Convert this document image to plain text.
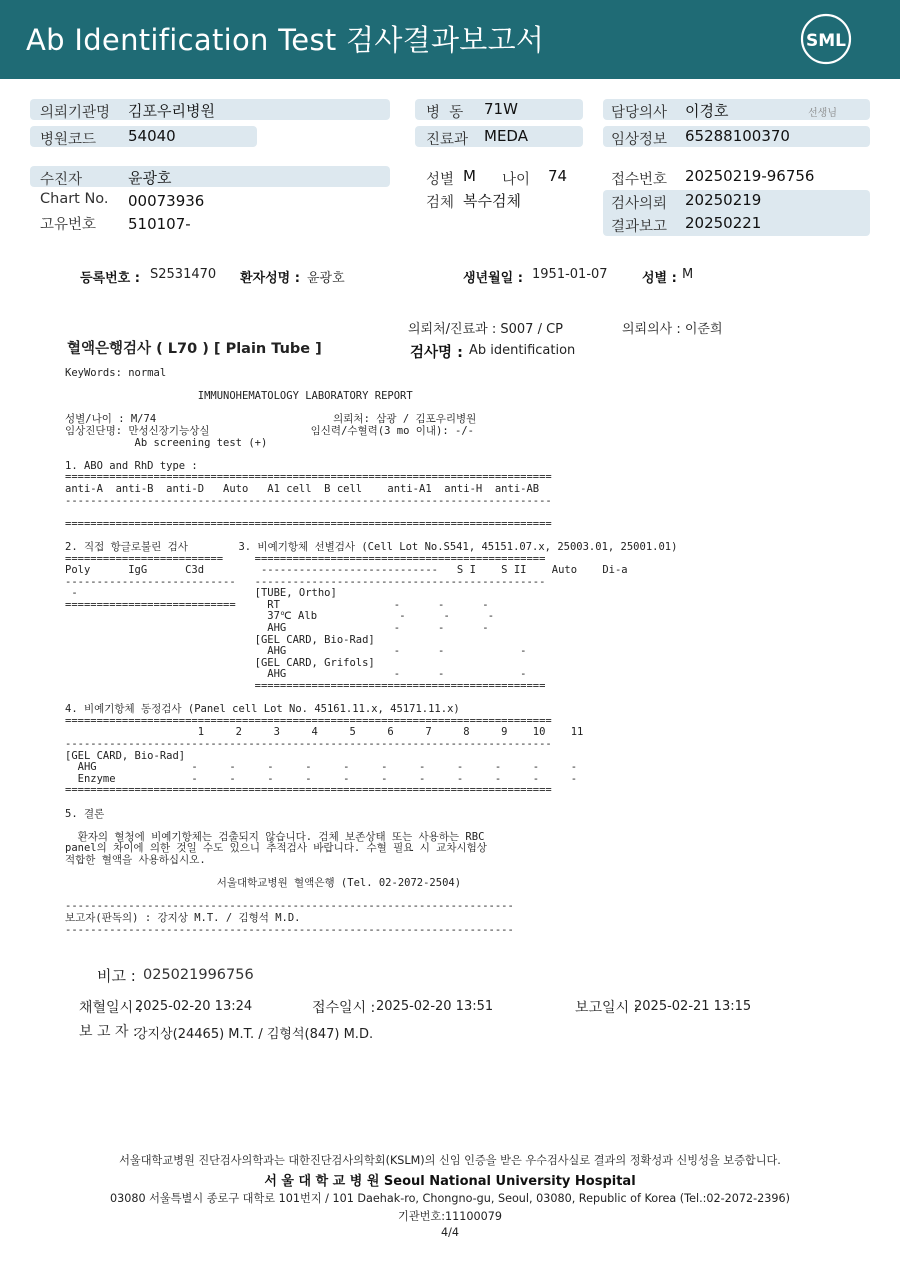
Ab Identification Test 검사결과보고서	SML
의뢰기관명 김포우리병원
병원코드 54040
병  동 71W
진료과 MEDA
담당의사 이경호	선생님
임상정보 65288100370
수진자	윤광호
Chart No. 00073936
고유번호 510107-
성별 M 나이 74
검체 복수검체
접수번호 20250219-96756
검사의뢰 20250219
결과보고 20250221
등록번호 : S2531470 환자성명 : 윤광호	생년월일 : 1951-01-07	성별 : M
의뢰처/진료과 : S007 / CP	의뢰의사 : 이준희
혈액은행검사 ( L70 ) [ Plain Tube ]	검사명 : Ab identification
KeyWords: normal
IMMUNOHEMATOLOGY LABORATORY REPORT
성별/나이 : M/74                            의뢰처: 삼광 / 김포우리병원
임상진단명: 만성신장기능상실                임신력/수혈력(3 mo 이내): -/-
Ab screening test (+)
1. ABO and RhD type :
=============================================================================
anti-A  anti-B  anti-D   Auto   A1 cell  B cell    anti-A1  anti-H  anti-AB
-----------------------------------------------------------------------------
=============================================================================
2. 직접 항글로불린 검사        3. 비예기항체 선별검사 (Cell Lot No.S541, 45151.07.x, 25003.01, 25001.01)
=========================     ==============================================
Poly      IgG      C3d         ----------------------------   S I    S II    Auto    Di-a
---------------------------   ----------------------------------------------
-                            [TUBE, Ortho]
===========================     RT                  -      -      -
37℃ Alb             -      -      -
AHG                 -      -      -
[GEL CARD, Bio-Rad]
AHG                 -      -            -
[GEL CARD, Grifols]
AHG                 -      -            -
==============================================
4. 비예기항체 동정검사 (Panel cell Lot No. 45161.11.x, 45171.11.x)
=============================================================================
1     2     3     4     5     6     7     8     9    10    11
-----------------------------------------------------------------------------
[GEL CARD, Bio-Rad]
AHG               -     -     -     -     -     -     -     -     -     -     -
Enzyme            -     -     -     -     -     -     -     -     -     -     -
=============================================================================
5. 결론
환자의 혈청에 비예기항체는 검출되지 않습니다. 검체 보존상태 또는 사용하는 RBC
panel의 차이에 의한 것일 수도 있으니 추적검사 바랍니다. 수혈 필요 시 교차시험상
적합한 혈액을 사용하십시오.
서울대학교병원 혈액은행 (Tel. 02-2072-2504)
-----------------------------------------------------------------------
보고자(판독의) : 강지상 M.T. / 김형석 M.D.
-----------------------------------------------------------------------
비고 : 025021996756
채혈일시 :
2025-02-20 13:24	접수일시 : 2025-02-20 13:51	보고일시 :
2025-02-21 13:15
보 고 자 :
강지상(24465) M.T. / 김형석(847) M.D.
서울대학교병원 진단검사의학과는 대한진단검사의학회(KSLM)의 신임 인증을 받은 우수검사실로 결과의 정확성과 신빙성을 보증합니다.
서 울 대 학 교 병 원 Seoul National University Hospital
03080 서울특별시 종로구 대학로 101번지 / 101 Daehak-ro, Chongno-gu, Seoul, 03080, Republic of Korea (Tel.:02-2072-2396)
기관번호:11100079
4/4
